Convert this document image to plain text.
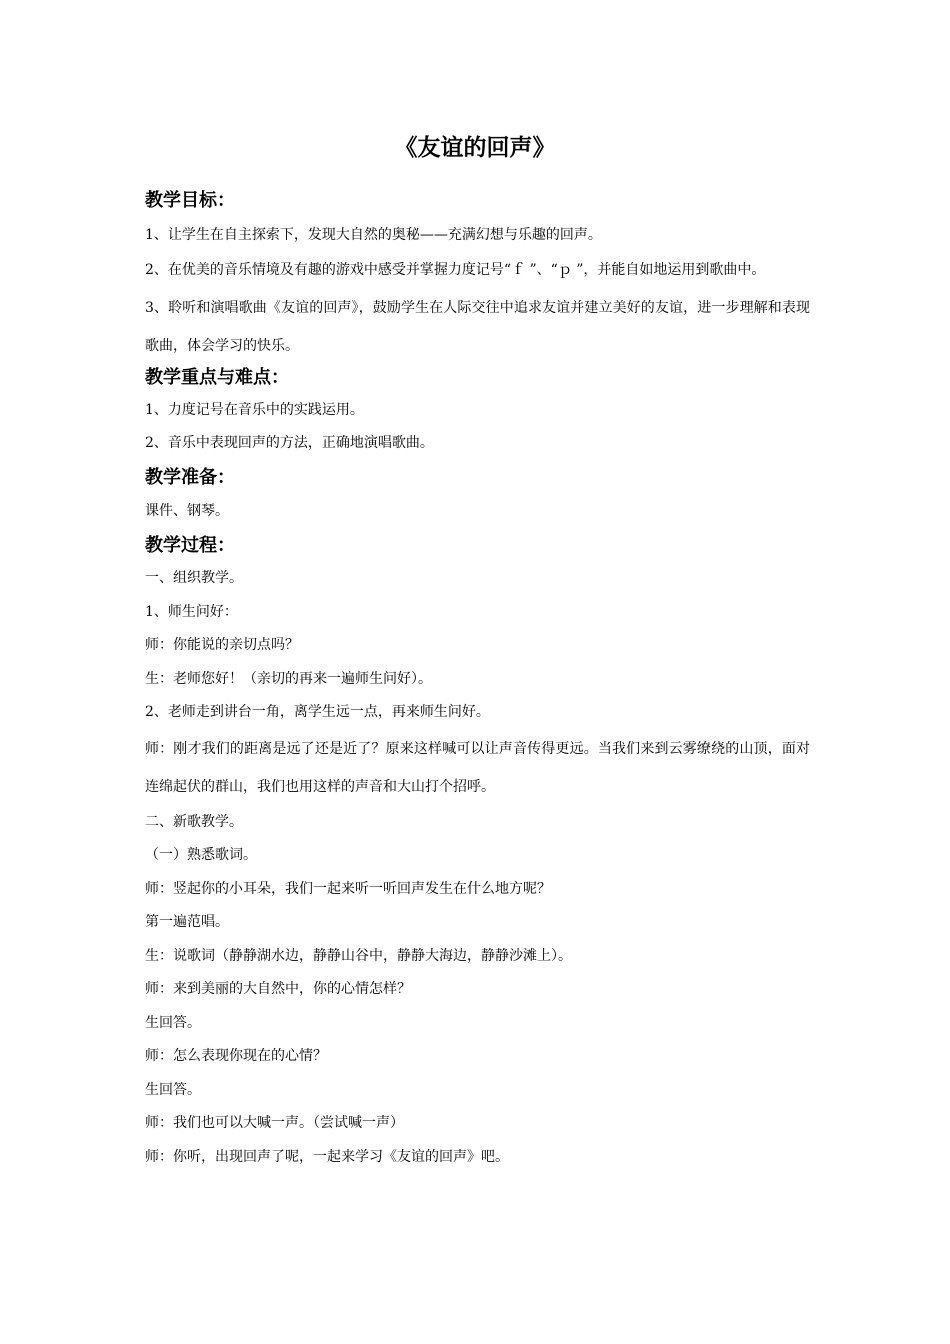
《友谊的回声》

教学目标：

1、让学生在自主探索下，发现大自然的奥秘——充满幻想与乐趣的回声。

2、在优美的音乐情境及有趣的游戏中感受并掌握力度记号“ｆ ”、“ｐ ”，并能自如地运用到歌曲中。

3、聆听和演唱歌曲《友谊的回声》，鼓励学生在人际交往中追求友谊并建立美好的友谊，进一步理解和表现歌曲，体会学习的快乐。

教学重点与难点：

1、力度记号在音乐中的实践运用。

2、音乐中表现回声的方法，正确地演唱歌曲。

教学准备：

课件、钢琴。

教学过程：

一、组织教学。

1、师生问好：

师：你能说的亲切点吗？

生：老师您好！（亲切的再来一遍师生问好）。

2、老师走到讲台一角，离学生远一点，再来师生问好。

师：刚才我们的距离是远了还是近了？原来这样喊可以让声音传得更远。当我们来到云雾缭绕的山顶，面对连绵起伏的群山，我们也用这样的声音和大山打个招呼。

二、新歌教学。

（一）熟悉歌词。

师：竖起你的小耳朵，我们一起来听一听回声发生在什么地方呢？

第一遍范唱。

生：说歌词（静静湖水边，静静山谷中，静静大海边，静静沙滩上）。

师：来到美丽的大自然中，你的心情怎样？

生回答。

师：怎么表现你现在的心情？

生回答。

师：我们也可以大喊一声。（尝试喊一声）

师：你听，出现回声了呢，一起来学习《友谊的回声》吧。
